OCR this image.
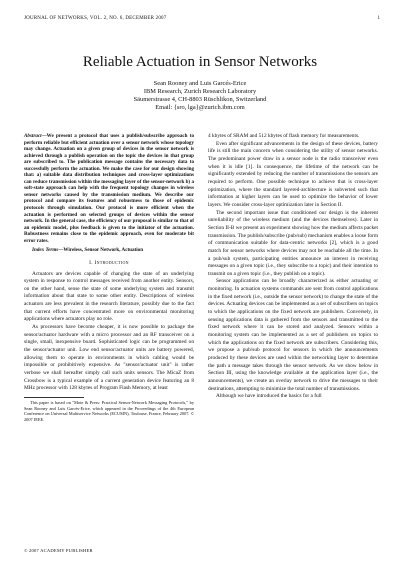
JOURNAL OF NETWORKS, VOL. 2, NO. 6, DECEMBER 2007	1
Reliable Actuation in Sensor Networks
Sean Rooney and Luis Garcés-Erice
IBM Research, Zurich Research Laboratory
Säumerstrasse 4, CH-8803 Rüschlikon, Switzerland
Email: {sro, lga}@zurich.ibm.com

Abstract—We present a protocol that uses a publish/subscribe approach to perform reliable but efficient actuation over a sensor network whose topology may change. Actuation on a given group of devices in the sensor network is achieved through a publish operation on the topic the devices in that group are subscribed to. The publication message contains the necessary data to successfully perform the actuation. We make the case for our design showing that: a) suitable data distribution techniques and cross-layer optimizations can reduce transmission within the messaging layer of the sensor-network b) a soft-state approach can help with the frequent topology changes in wireless sensor networks caused by the transmission medium. We describe our protocol and compare its features and robustness to those of epidemic protocols through simulation. Our protocol is more efficient when the actuation is performed on selected groups of devices within the sensor network. In the general case, the efficiency of our proposal is similar to that of an epidemic model, plus feedback is given to the initiator of the actuation. Robustness remains close to the epidemic approach, even for moderate bit error rates.

Index Terms—Wireless, Sensor Network, Actuation

I. Introduction

Actuators are devices capable of changing the state of an underlying system in response to control messages received from another entity. Sensors, on the other hand, sense the state of some underlying system and transmit information about that state to some other entity. Descriptions of wireless actuators are less prevalent in the research literature, possibly due to the fact that current efforts have concentrated more on environmental monitoring applications where actuators play no role.

As processors have become cheaper, it is now possible to package the sensor/actuator hardware with a micro processor and an RF transceiver on a single, small, inexpensive board. Sophisticated logic can be programmed on the sensor/actuator unit. Low end sensor/actuator units are battery powered, allowing them to operate in environments in which cabling would be impossible or prohibitively expensive. As "sensor/actuator unit" is rather verbose we shall hereafter simply call such units sensors. The MicaZ from Crossbow is a typical example of a current generation device featuring an 8 MHz processor with 128 kbytes of Program Flash Memory, at least

This paper is based on "Mote & Press: Practical Sensor-Network Messaging Protocols," by Sean Rooney and Luis Garcés-Erice, which appeared in the Proceedings of the 4th European Conference on Universal Multiservice Networks (ECUMN), Toulouse, France, February 2007. © 2007 IEEE.

4 kbytes of SRAM and 512 kbytes of flash memory for measurements.

Even after significant advancements in the design of these devices, battery life is still the main concern when considering the utility of sensor networks. The predominant power draw in a sensor node is the radio transceiver even when it is idle [1]. In consequence, the lifetime of the network can be significantly extended by reducing the number of transmissions the sensors are required to perform. One possible technique to achieve that is cross-layer optimization, where the standard layered-architecture is subverted such that information at higher layers can be used to optimize the behavior of lower layers. We consider cross-layer optimization later in Section II.

The second important issue that conditioned our design is the inherent unreliability of the wireless medium (and the devices themselves). Later in Section II-B we present an experiment showing how the medium affects packet transmission. The publish/subscribe (pub/sub) mechanism enables a loose form of communication suitable for data-centric networks [2], which is a good match for sensor networks where devices may not be reachable all the time. In a pub/sub system, participating entities announce an interest in receiving messages on a given topic (i.e., they subscribe to a topic) and their intention to transmit on a given topic (i.e., they publish on a topic).

Sensor applications can be broadly characterized as either actuating or monitoring. In actuation systems commands are sent from control applications in the fixed network (i.e., outside the sensor network) to change the state of the devices. Actuating devices can be implemented as a set of subscribers on topics to which the applications on the fixed network are publishers. Conversely, in sensing applications data is gathered from the sensors and transmitted to the fixed network where it can be stored and analyzed. Sensors within a monitoring system can be implemented as a set of publishers on topics to which the applications on the fixed network are subscribers. Considering this, we propose a pub/sub protocol for sensors in which the announcements produced by these devices are used within the networking layer to determine the path a message takes through the sensor network. As we show below in Section III, using the knowledge available at the application layer (i.e., the announcements), we create an overlay network to drive the messages to their destinations, attempting to minimize the total number of transmissions.

Although we have introduced the basics for a full

© 2007 ACADEMY PUBLISHER
